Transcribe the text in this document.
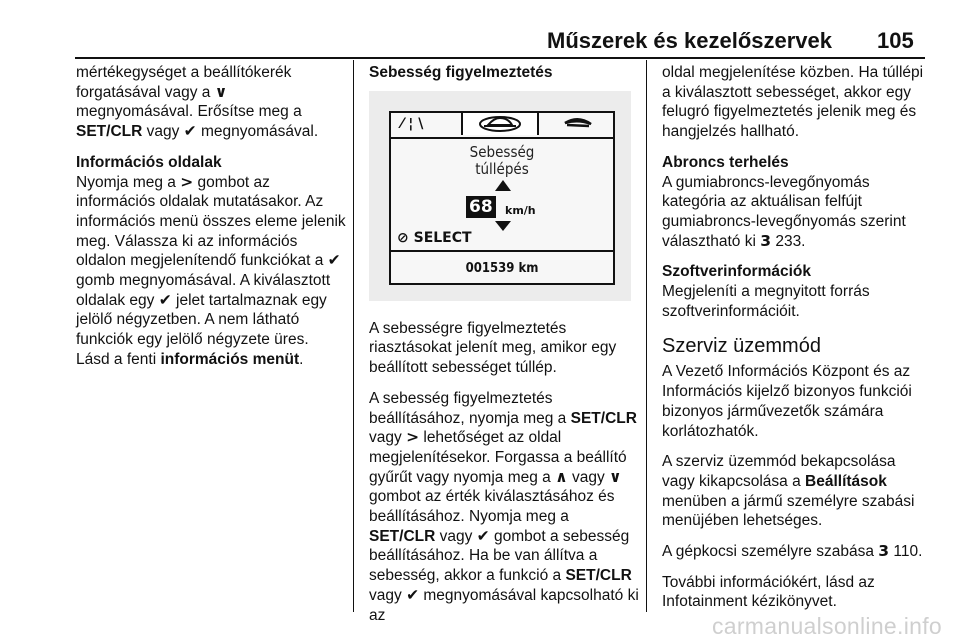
Műszerek és kezelőszervek 105

mértékegységet a beállítókerék forgatásával vagy a ∨ megnyomásával. Erősítse meg a SET/CLR vagy ✔ megnyomásával.

Információs oldalak

Nyomja meg a > gombot az információs oldalak mutatásakor. Az információs menü összes eleme jelenik meg. Válassza ki az információs oldalon megjelenítendő funkciókat a ✔ gomb megnyomásával. A kiválasztott oldalak egy ✔ jelet tartalmaznak egy jelölő négyzetben. A nem látható funkciók egy jelölő négyzete üres. Lásd a fenti információs menüt.

Sebesség figyelmeztetés

⁄ ¦ \
Sebesség
túllépés
68 km/h
⊘ SELECT
001539 km

A sebességre figyelmeztetés riasztásokat jelenít meg, amikor egy beállított sebességet túllép.

A sebesség figyelmeztetés beállításához, nyomja meg a SET/CLR vagy > lehetőséget az oldal megjelenítésekor. Forgassa a beállító gyűrűt vagy nyomja meg a ∧ vagy ∨ gombot az érték kiválasztásához és beállításához. Nyomja meg a SET/CLR vagy ✔ gombot a sebesség beállításához. Ha be van állítva a sebesség, akkor a funkció a SET/CLR vagy ✔ megnyomásával kapcsolható ki az

oldal megjelenítése közben. Ha túllépi a kiválasztott sebességet, akkor egy felugró figyelmeztetés jelenik meg és hangjelzés hallható.

Abroncs terhelés

A gumiabroncs-levegőnyomás kategória az aktuálisan felfújt gumiabroncs-levegőnyomás szerint választható ki 3 233.

Szoftverinformációk

Megjeleníti a megnyitott forrás szoftverinformációit.

Szerviz üzemmód

A Vezető Információs Központ és az Információs kijelző bizonyos funkciói bizonyos járművezetők számára korlátozhatók.

A szerviz üzemmód bekapcsolása vagy kikapcsolása a Beállítások menüben a jármű személyre szabási menüjében lehetséges.

A gépkocsi személyre szabása 3 110.

További információkért, lásd az Infotainment kézikönyvet.

carmanualsonline.info
